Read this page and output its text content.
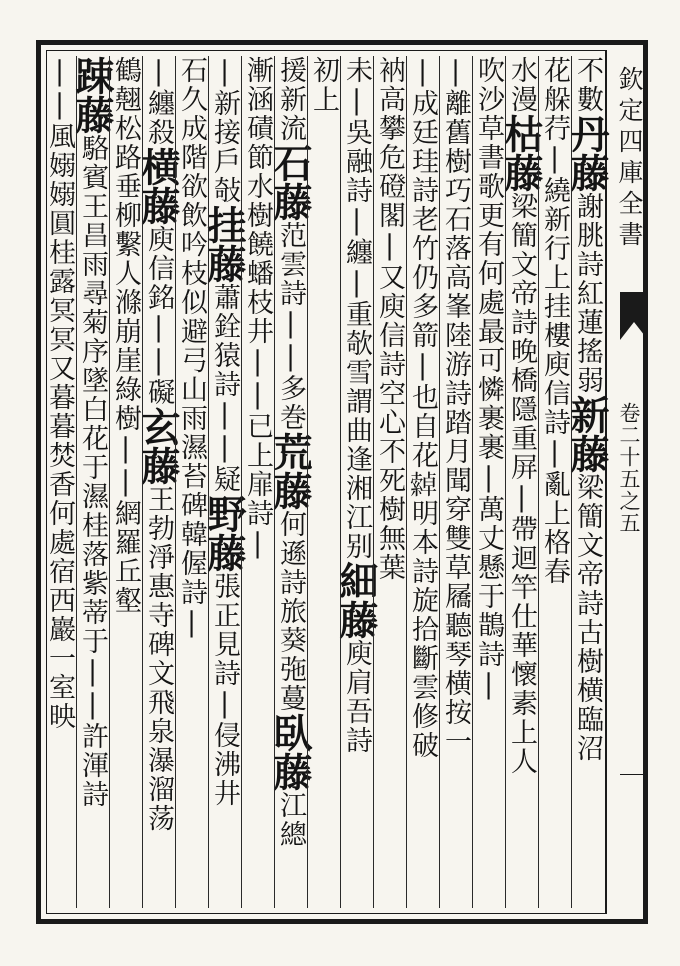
欽定四庫全書
卷二十五之五
不數丹藤謝朓詩紅蓮搖弱新藤梁簡文帝詩古樹横臨沼
花䑮荇|繞新行上挂樓庾信詩|亂上格春
水漫枯藤梁簡文帝詩晚橋隱重屏|帶迴竿仕華懷素上人
吹沙草書歌更有何處最可憐裹裹|萬丈懸于鵲詩|
|離舊樹巧石落高峯陸游詩踏月聞穿雙草屩聽琴横按一
|成廷珪詩老竹仍多箭|也自花𦅕明本詩旋拾斷雲修破
衲高攀危磴閣|又庾信詩空心不死樹無葉
未|吳融詩|纏|重欹雪謂曲逢湘江别細藤庾肩吾詩
初上
援新流石藤范雲詩||多巻荒藤何遜詩旅葵㢮蔓臥藤江總
漸涵磧節水樹饒蟠枝井||已上扉詩|
|新接戶敧挂藤蕭銓猿詩||疑野藤張正見詩|侵沸井
石久成階欲飲吟枝似避弓山雨濕苔碑韓偓詩|
|纏殺横藤庾信銘||礙玄藤王勃淨惠寺碑文飛泉瀑溜荡
鶴翹松路垂柳繫人滌崩崖綠樹||網羅丘壑
踈藤駱賓王昌雨尋菊序墜白花于濕桂落紫蒂于||許渾詩
||風嫋嫋圓桂露冥冥又暮暮焚香何處宿西巖一室映
